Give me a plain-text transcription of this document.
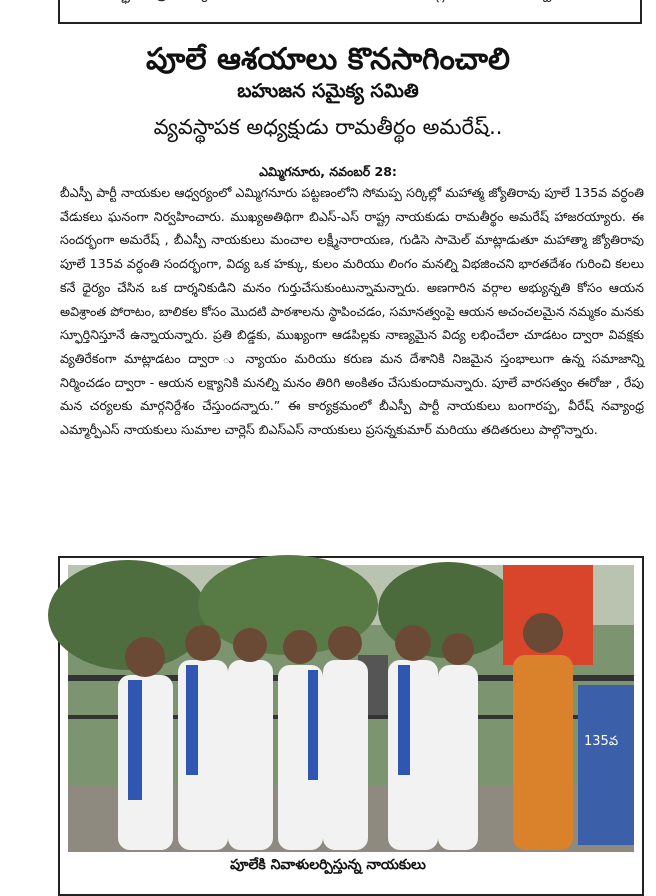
పూలే ఆశయాలు కొనసాగించాలి
బహుజన సమైక్య సమితి
వ్యవస్థాపక అధ్యక్షుడు రామతీర్థం అమరేష్..
ఎమ్మిగనూరు, నవంబర్ 28:
బీఎస్పీ పార్టీ నాయకుల ఆధ్వర్యంలో ఎమ్మిగనూరు పట్టణంలోని సోమప్ప సర్కిల్లో మహాత్మ జ్యోతిరావు పూలే 135వ వర్ధంతి వేడుకలు ఘనంగా నిర్వహించారు. ముఖ్యఅతిథిగా బిఎస్-ఎస్ రాష్ట్ర నాయకుడు రామతీర్థం అమరేష్ హాజరయ్యారు. ఈ సందర్భంగా అమరేష్ , బీఎస్పీ నాయకులు మంచాల లక్ష్మీనారాయణ, గుడిసె సామెల్ మాట్లాడుతూ మహాత్మా జ్యోతిరావు పూలే 135వ వర్ధంతి సందర్భంగా, విద్య ఒక హక్కు, కులం మరియు లింగం మనల్ని విభజించని భారతదేశం గురించి కలలు కనే ధైర్యం చేసిన ఒక దార్శనికుడిని మనం గుర్తుచేసుకుంటున్నామన్నారు. అణగారిన వర్గాల అభ్యున్నతి కోసం ఆయన అవిశ్రాంత పోరాటం, బాలికల కోసం మొదటి పాఠశాలను స్థాపించడం, సమానత్వంపై ఆయన అచంచలమైన నమ్మకం మనకు స్ఫూర్తినిస్తూనే ఉన్నాయన్నారు. ప్రతి బిడ్డకు, ముఖ్యంగా ఆడపిల్లకు నాణ్యమైన విద్య లభించేలా చూడటం ద్వారా వివక్షకు వ్యతిరేకంగా మాట్లాడటం ద్వారా ు న్యాయం మరియు కరుణ మన దేశానికి నిజమైన స్తంభాలుగా ఉన్న సమాజాన్ని నిర్మించడం ద్వారా - ఆయన లక్ష్యానికి మనల్ని మనం తిరిగి అంకితం చేసుకుందామన్నారు. పూలే వారసత్వం ఈరోజు , రేపు మన చర్యలకు మార్గనిర్దేశం చేస్తుందన్నారు.” ఈ కార్యక్రమంలో బీఎస్పీ పార్టీ నాయకులు బంగారప్ప, వీరేష్ నవ్యాంధ్ర ఎమ్మార్పీఎస్ నాయకులు సుమాల చార్లెస్ బిఎస్ఎస్ నాయకులు ప్రసన్నకుమార్ మరియు తదితరులు పాల్గొన్నారు.
135వ
పూలేకి నివాళులర్పిస్తున్న నాయకులు
